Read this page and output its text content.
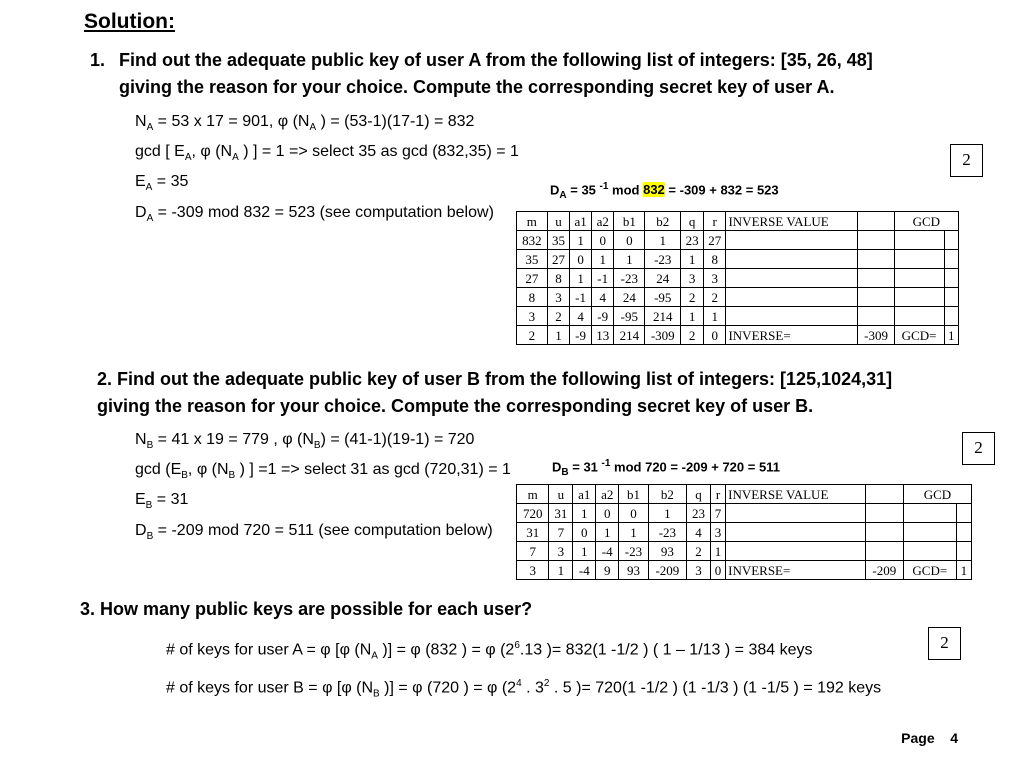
Solution:
1. Find out the adequate public key of user A from the following list of integers: [35, 26, 48]
giving the reason for your choice. Compute the corresponding secret key of user A.
$N_A = 53$ x 17 = 901, φ ($N_A$ ) = (53-1)(17-1) = 832
gcd [ $E_A$, φ ($N_A$ ) ] = 1 => select 35 as gcd (832,35) = 1
$E_A = 35$
$D_A = -309$ mod 832 = 523 (see computation below)
$D_A = 35$ $^{-1}$ mod 832 = -309 + 832 = 523
2
m	u	a1	a2	b1	b2	q	r	INVERSE VALUE		GCD	
832	35	1	0	0	1	23	27				
35	27	0	1	1	-23	1	8				
27	8	1	-1	-23	24	3	3				
8	3	-1	4	24	-95	2	2				
3	2	4	-9	-95	214	1	1				
2	1	-9	13	214	-309	2	0	INVERSE=	-309	GCD=	1
2. Find out the adequate public key of user B from the following list of integers: [125,1024,31]
giving the reason for your choice. Compute the corresponding secret key of user B.
$N_B = 41$ x 19 = 779 , φ $(N_B) = (41-1)(19-1) = 720$
$\gcd (E_B$, φ ($N_B$ ) ] =1 => select 31 as gcd (720,31) = 1
$E_B = 31$
$D_B = -209$ mod 720 = 511 (see computation below)
$D_B = 31$ $^{-1}$ mod 720 = -209 + 720 = 511
2
m	u	a1	a2	b1	b2	q	r	INVERSE VALUE		GCD	
720	31	1	0	0	1	23	7				
31	7	0	1	1	-23	4	3				
7	3	1	-4	-23	93	2	1				
3	1	-4	9	93	-209	3	0	INVERSE=	-209	GCD=	1
3. How many public keys are possible for each user?
# of keys for user A = φ [φ ($N_A$ )] = φ (832 ) = φ ($2^6.13$ )= 832(1 -1/2 ) ( 1 – 1/13 ) = 384 keys
# of keys for user B = φ [φ ($N_B$ )] = φ (720 ) = φ ($2^4$ . $3^2$ . 5 )= 720(1 -1/2 ) (1 -1/3 ) (1 -1/5 ) = 192 keys
2
Page 4
